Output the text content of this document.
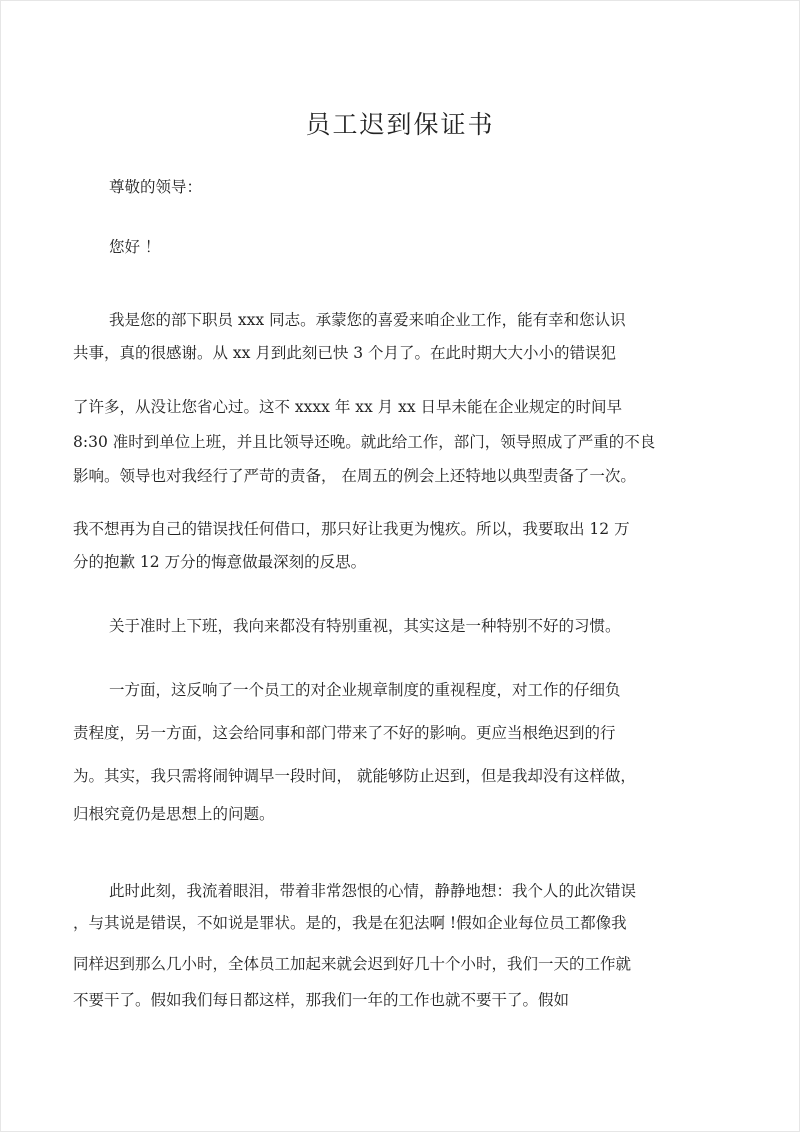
员工迟到保证书
尊敬的领导：
您好 ！
我是您的部下职员 xxx 同志。承蒙您的喜爱来咱企业工作，能有幸和您认识
共事，真的很感谢。从 xx 月到此刻已快 3 个月了。在此时期大大小小的错误犯
了许多，从没让您省心过。这不 xxxx 年 xx 月 xx 日早未能在企业规定的时间早
8:30 准时到单位上班，并且比领导还晚。就此给工作，部门，领导照成了严重的不良
影响。领导也对我经行了严苛的责备， 在周五的例会上还特地以典型责备了一次。
我不想再为自己的错误找任何借口，那只好让我更为愧疚。所以，我要取出 12 万
分的抱歉 12 万分的悔意做最深刻的反思。
关于准时上下班，我向来都没有特别重视，其实这是一种特别不好的习惯。
一方面，这反响了一个员工的对企业规章制度的重视程度，对工作的仔细负
责程度，另一方面，这会给同事和部门带来了不好的影响。更应当根绝迟到的行
为。其实，我只需将闹钟调早一段时间， 就能够防止迟到，但是我却没有这样做，
归根究竟仍是思想上的问题。
此时此刻，我流着眼泪，带着非常怨恨的心情，静静地想：我个人的此次错误
，与其说是错误，不如说是罪状。是的，我是在犯法啊 !假如企业每位员工都像我
同样迟到那么几小时，全体员工加起来就会迟到好几十个小时，我们一天的工作就
不要干了。假如我们每日都这样，那我们一年的工作也就不要干了。假如
